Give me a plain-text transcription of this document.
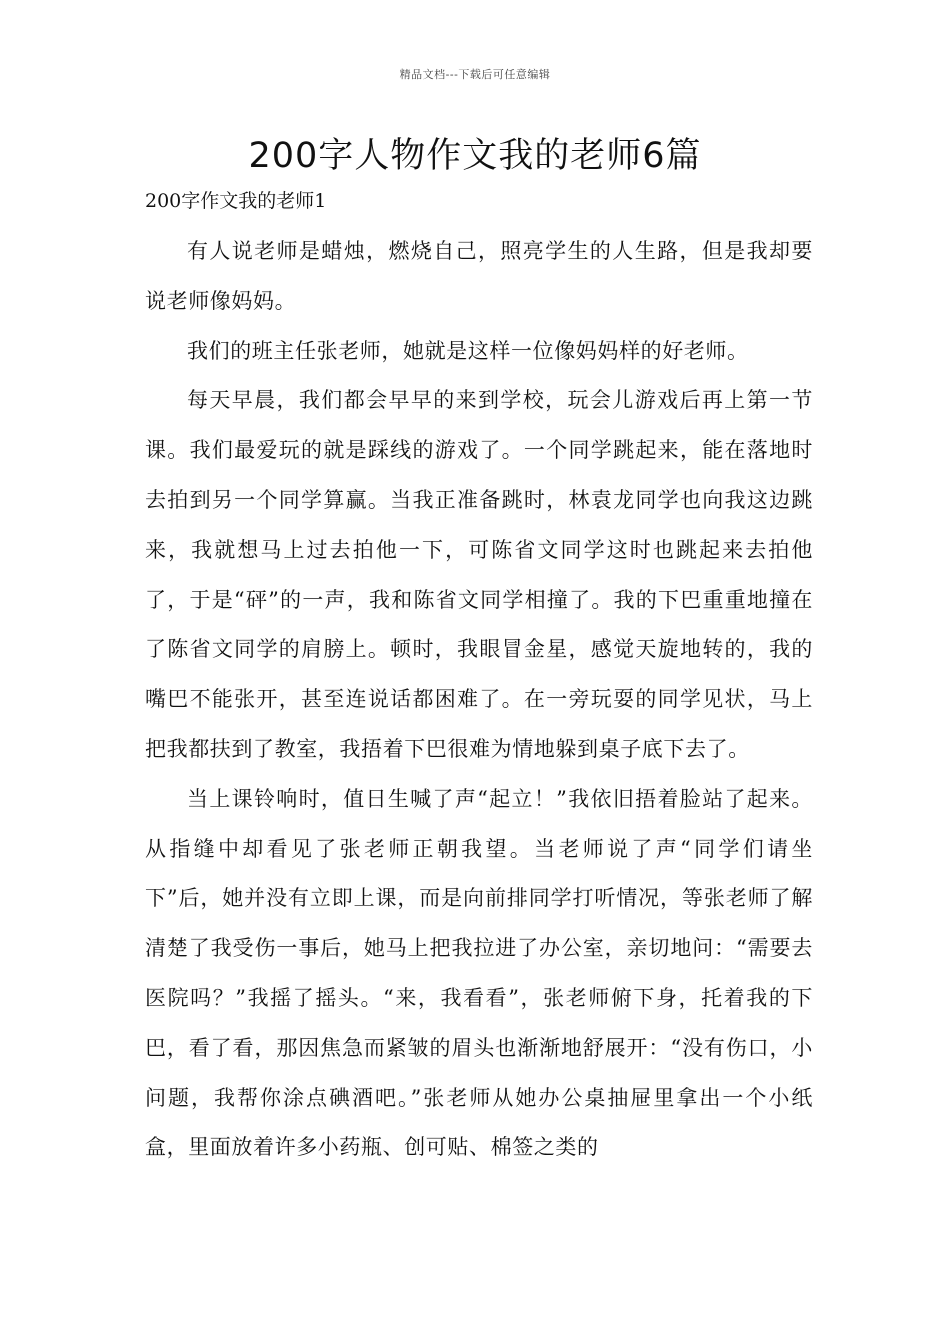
精品文档---下载后可任意编辑
200字人物作文我的老师6篇
200字作文我的老师1

有人说老师是蜡烛，燃烧自己，照亮学生的人生路，但是我却要说老师像妈妈。

我们的班主任张老师，她就是这样一位像妈妈样的好老师。

每天早晨，我们都会早早的来到学校，玩会儿游戏后再上第一节课。我们最爱玩的就是踩线的游戏了。一个同学跳起来，能在落地时去拍到另一个同学算赢。当我正准备跳时，林袁龙同学也向我这边跳来，我就想马上过去拍他一下，可陈省文同学这时也跳起来去拍他了，于是“砰”的一声，我和陈省文同学相撞了。我的下巴重重地撞在了陈省文同学的肩膀上。顿时，我眼冒金星，感觉天旋地转的，我的嘴巴不能张开，甚至连说话都困难了。在一旁玩耍的同学见状，马上把我都扶到了教室，我捂着下巴很难为情地躲到桌子底下去了。

当上课铃响时，值日生喊了声“起立！”我依旧捂着脸站了起来。从指缝中却看见了张老师正朝我望。当老师说了声“同学们请坐下”后，她并没有立即上课，而是向前排同学打听情况，等张老师了解清楚了我受伤一事后，她马上把我拉进了办公室，亲切地问：“需要去医院吗？”我摇了摇头。“来，我看看”，张老师俯下身，托着我的下巴，看了看，那因焦急而紧皱的眉头也渐渐地舒展开：“没有伤口，小问题，我帮你涂点碘酒吧。”张老师从她办公桌抽屉里拿出一个小纸盒，里面放着许多小药瓶、创可贴、棉签之类的
